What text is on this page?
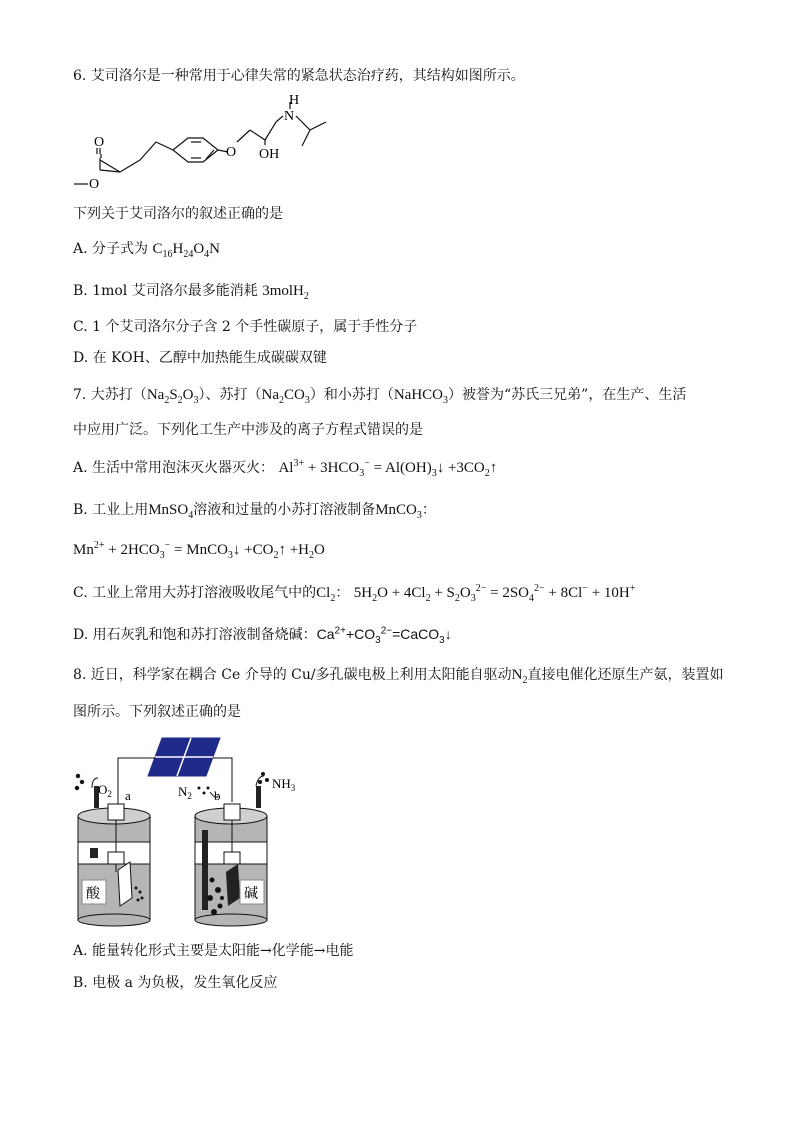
6. 艾司洛尔是一种常用于心律失常的紧急状态治疗药，其结构如图所示。
H
N
O OH
O
O
下列关于艾司洛尔的叙述正确的是
A. 分子式为 $C_{16}H_{24}O_4N$
B. 1mol 艾司洛尔最多能消耗 3molH$_2$
C. 1 个艾司洛尔分子含 2 个手性碳原子，属于手性分子
D. 在 KOH、乙醇中加热能生成碳碳双键
7. 大苏打$(Na_2S_2O_3)$、苏打$(Na_2CO_3)$和小苏打（NaHCO$_3$）被誉为“苏氏三兄弟”，在生产、生活
中应用广泛。下列化工生产中涉及的离子方程式错误的是
A. 生活中常用泡沫灭火器灭火： $Al^{3+} + 3HCO_3^-$ = $Al(OH)_3↓$ $+3CO_2↑$
B. 工业上用MnSO$_4$溶液和过量的小苏打溶液制备MnCO$_3$：
$Mn^{2+} + 2HCO_3^-$ = MnCO$_3$↓ $+CO_2↑ +H_2O$
C. 工业上常用大苏打溶液吸收尾气中的$Cl_2$： $5H_2O + 4Cl_2 + S_2O_3^{2-} = 2SO_4^{2-} + 8Cl^- + 10H^+$
D. 用石灰乳和饱和苏打溶液制备烧碱：$Ca^{2+}+CO_3^{2-}=CaCO_3↓$
8. 近日，科学家在耦合 Ce 介导的 Cu/多孔碳电极上利用太阳能自驱动$N_2$直接电催化还原生产氨，装置如
图所示。下列叙述正确的是
$O_2$ a	$N_2$ b
$NH_3$
酸	碱
A. 能量转化形式主要是太阳能→化学能→电能
B. 电极 a 为负极，发生氧化反应
